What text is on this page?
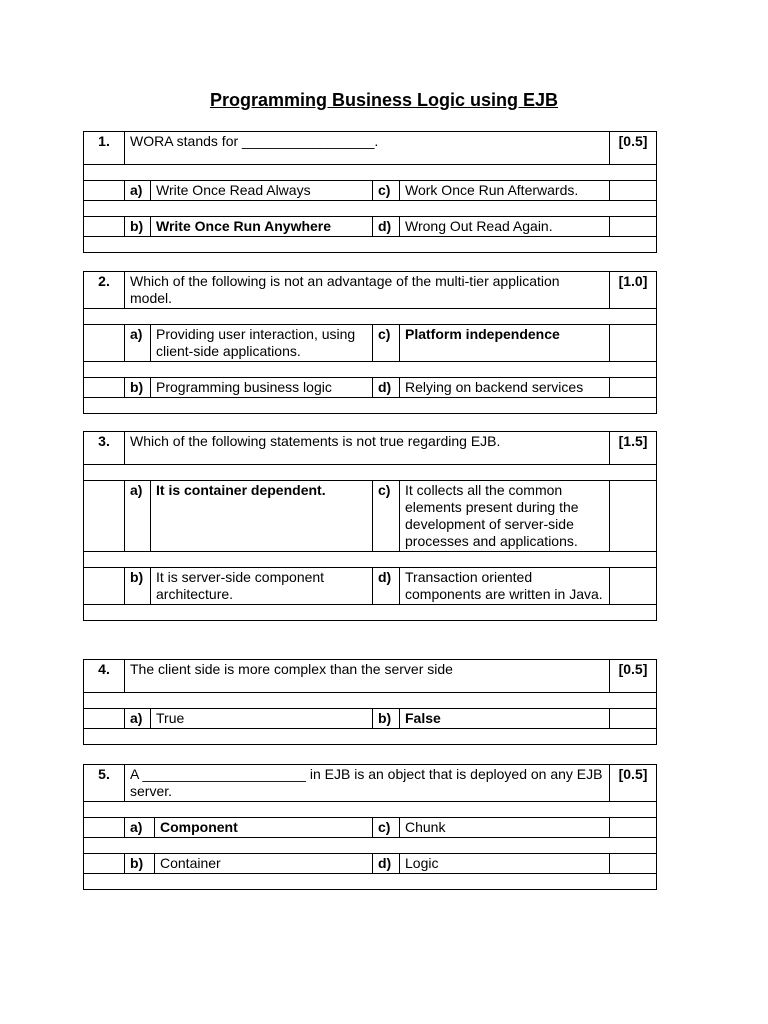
Programming Business Logic using EJB
1.	WORA stands for _________________.				[0.5]

	a)	Write Once Read Always	c)	Work Once Run Afterwards.	

	b)	Write Once Run Anywhere	d)	Wrong Out Read Again.	

2.	Which of the following is not an advantage of the multi-tier application model.				[1.0]

	a)	Providing user interaction, using client-side applications.	c)	Platform independence	

	b)	Programming business logic	d)	Relying on backend services	

3.	Which of the following statements is not true regarding EJB.				[1.5]

	a)	It is container dependent.	c)	It collects all the common elements present during the development of server-side processes and applications.	

	b)	It is server-side component architecture.	d)	Transaction oriented components are written in Java.	

4.	The client side is more complex than the server side				[0.5]

	a)	True	b)	False	

5.	A _____________________ in EJB is an object that is deployed on any EJB server.				[0.5]

	a)	Component	c)	Chunk	

	b)	Container	d)	Logic	
